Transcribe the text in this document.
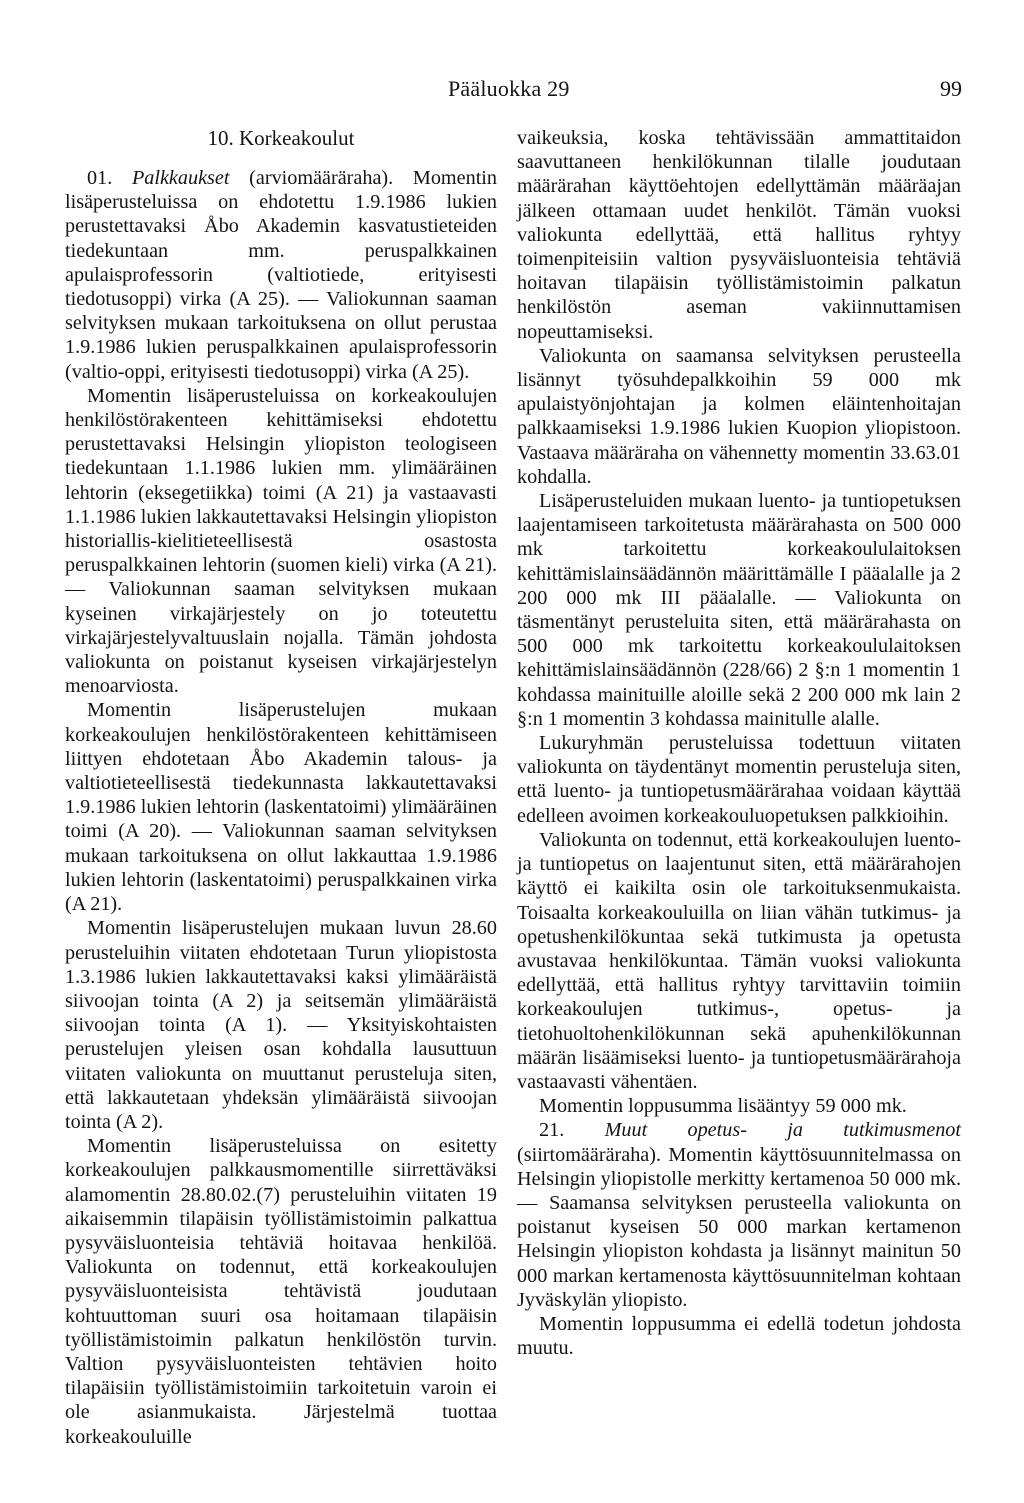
Pääluokka 29	99
10. Korkeakoulut

01. Palkkaukset (arviomääräraha). Momentin lisäperusteluissa on ehdotettu 1.9.1986 lukien perustettavaksi Åbo Akademin kasvatustieteiden tiedekuntaan mm. peruspalkkainen apulaisprofessorin (valtiotiede, erityisesti tiedotusoppi) virka (A 25). — Valiokunnan saaman selvityksen mukaan tarkoituksena on ollut perustaa 1.9.1986 lukien peruspalkkainen apulaisprofessorin (valtio-oppi, erityisesti tiedotusoppi) virka (A 25).

Momentin lisäperusteluissa on korkeakoulujen henkilöstörakenteen kehittämiseksi ehdotettu perustettavaksi Helsingin yliopiston teologiseen tiedekuntaan 1.1.1986 lukien mm. ylimääräinen lehtorin (eksegetiikka) toimi (A 21) ja vastaavasti 1.1.1986 lukien lakkautettavaksi Helsingin yliopiston historiallis-kielitieteellisestä osastosta peruspalkkainen lehtorin (suomen kieli) virka (A 21). — Valiokunnan saaman selvityksen mukaan kyseinen virkajärjestely on jo toteutettu virkajärjestelyvaltuuslain nojalla. Tämän johdosta valiokunta on poistanut kyseisen virkajärjestelyn menoarviosta.

Momentin lisäperustelujen mukaan korkeakoulujen henkilöstörakenteen kehittämiseen liittyen ehdotetaan Åbo Akademin talous- ja valtiotieteellisestä tiedekunnasta lakkautettavaksi 1.9.1986 lukien lehtorin (laskentatoimi) ylimääräinen toimi (A 20). — Valiokunnan saaman selvityksen mukaan tarkoituksena on ollut lakkauttaa 1.9.1986 lukien lehtorin (laskentatoimi) peruspalkkainen virka (A 21).

Momentin lisäperustelujen mukaan luvun 28.60 perusteluihin viitaten ehdotetaan Turun yliopistosta 1.3.1986 lukien lakkautettavaksi kaksi ylimääräistä siivoojan tointa (A 2) ja seitsemän ylimääräistä siivoojan tointa (A 1). — Yksityiskohtaisten perustelujen yleisen osan kohdalla lausuttuun viitaten valiokunta on muuttanut perusteluja siten, että lakkautetaan yhdeksän ylimääräistä siivoojan tointa (A 2).

Momentin lisäperusteluissa on esitetty korkeakoulujen palkkausmomentille siirrettäväksi alamomentin 28.80.02.(7) perusteluihin viitaten 19 aikaisemmin tilapäisin työllistämistoimin palkattua pysyväisluonteisia tehtäviä hoitavaa henkilöä. Valiokunta on todennut, että korkeakoulujen pysyväisluonteisista tehtävistä joudutaan kohtuuttoman suuri osa hoitamaan tilapäisin työllistämistoimin palkatun henkilöstön turvin. Valtion pysyväisluonteisten tehtävien hoito tilapäisiin työllistämistoimiin tarkoitetuin varoin ei ole asianmukaista. Järjestelmä tuottaa korkeakouluille

vaikeuksia, koska tehtävissään ammattitaidon saavuttaneen henkilökunnan tilalle joudutaan määrärahan käyttöehtojen edellyttämän määräajan jälkeen ottamaan uudet henkilöt. Tämän vuoksi valiokunta edellyttää, että hallitus ryhtyy toimenpiteisiin valtion pysyväisluonteisia tehtäviä hoitavan tilapäisin työllistämistoimin palkatun henkilöstön aseman vakiinnuttamisen nopeuttamiseksi.

Valiokunta on saamansa selvityksen perusteella lisännyt työsuhdepalkkoihin 59 000 mk apulaistyönjohtajan ja kolmen eläintenhoitajan palkkaamiseksi 1.9.1986 lukien Kuopion yliopistoon. Vastaava määräraha on vähennetty momentin 33.63.01 kohdalla.

Lisäperusteluiden mukaan luento- ja tuntiopetuksen laajentamiseen tarkoitetusta määrärahasta on 500 000 mk tarkoitettu korkeakoululaitoksen kehittämislainsäädännön määrittämälle I pääalalle ja 2 200 000 mk III pääalalle. — Valiokunta on täsmentänyt perusteluita siten, että määrärahasta on 500 000 mk tarkoitettu korkeakoululaitoksen kehittämislainsäädännön (228/66) 2 §:n 1 momentin 1 kohdassa mainituille aloille sekä 2 200 000 mk lain 2 §:n 1 momentin 3 kohdassa mainitulle alalle.

Lukuryhmän perusteluissa todettuun viitaten valiokunta on täydentänyt momentin perusteluja siten, että luento- ja tuntiopetusmäärärahaa voidaan käyttää edelleen avoimen korkeakouluopetuksen palkkioihin.

Valiokunta on todennut, että korkeakoulujen luento- ja tuntiopetus on laajentunut siten, että määrärahojen käyttö ei kaikilta osin ole tarkoituksenmukaista. Toisaalta korkeakouluilla on liian vähän tutkimus- ja opetushenkilökuntaa sekä tutkimusta ja opetusta avustavaa henkilökuntaa. Tämän vuoksi valiokunta edellyttää, että hallitus ryhtyy tarvittaviin toimiin korkeakoulujen tutkimus-, opetus- ja tietohuoltohenkilökunnan sekä apuhenkilökunnan määrän lisäämiseksi luento- ja tuntiopetusmäärärahoja vastaavasti vähentäen.

Momentin loppusumma lisääntyy 59 000 mk.

21. Muut opetus- ja tutkimusmenot (siirtomääräraha). Momentin käyttösuunnitelmassa on Helsingin yliopistolle merkitty kertamenoa 50 000 mk. — Saamansa selvityksen perusteella valiokunta on poistanut kyseisen 50 000 markan kertamenon Helsingin yliopiston kohdasta ja lisännyt mainitun 50 000 markan kertamenosta käyttösuunnitelman kohtaan Jyväskylän yliopisto.

Momentin loppusumma ei edellä todetun johdosta muutu.
